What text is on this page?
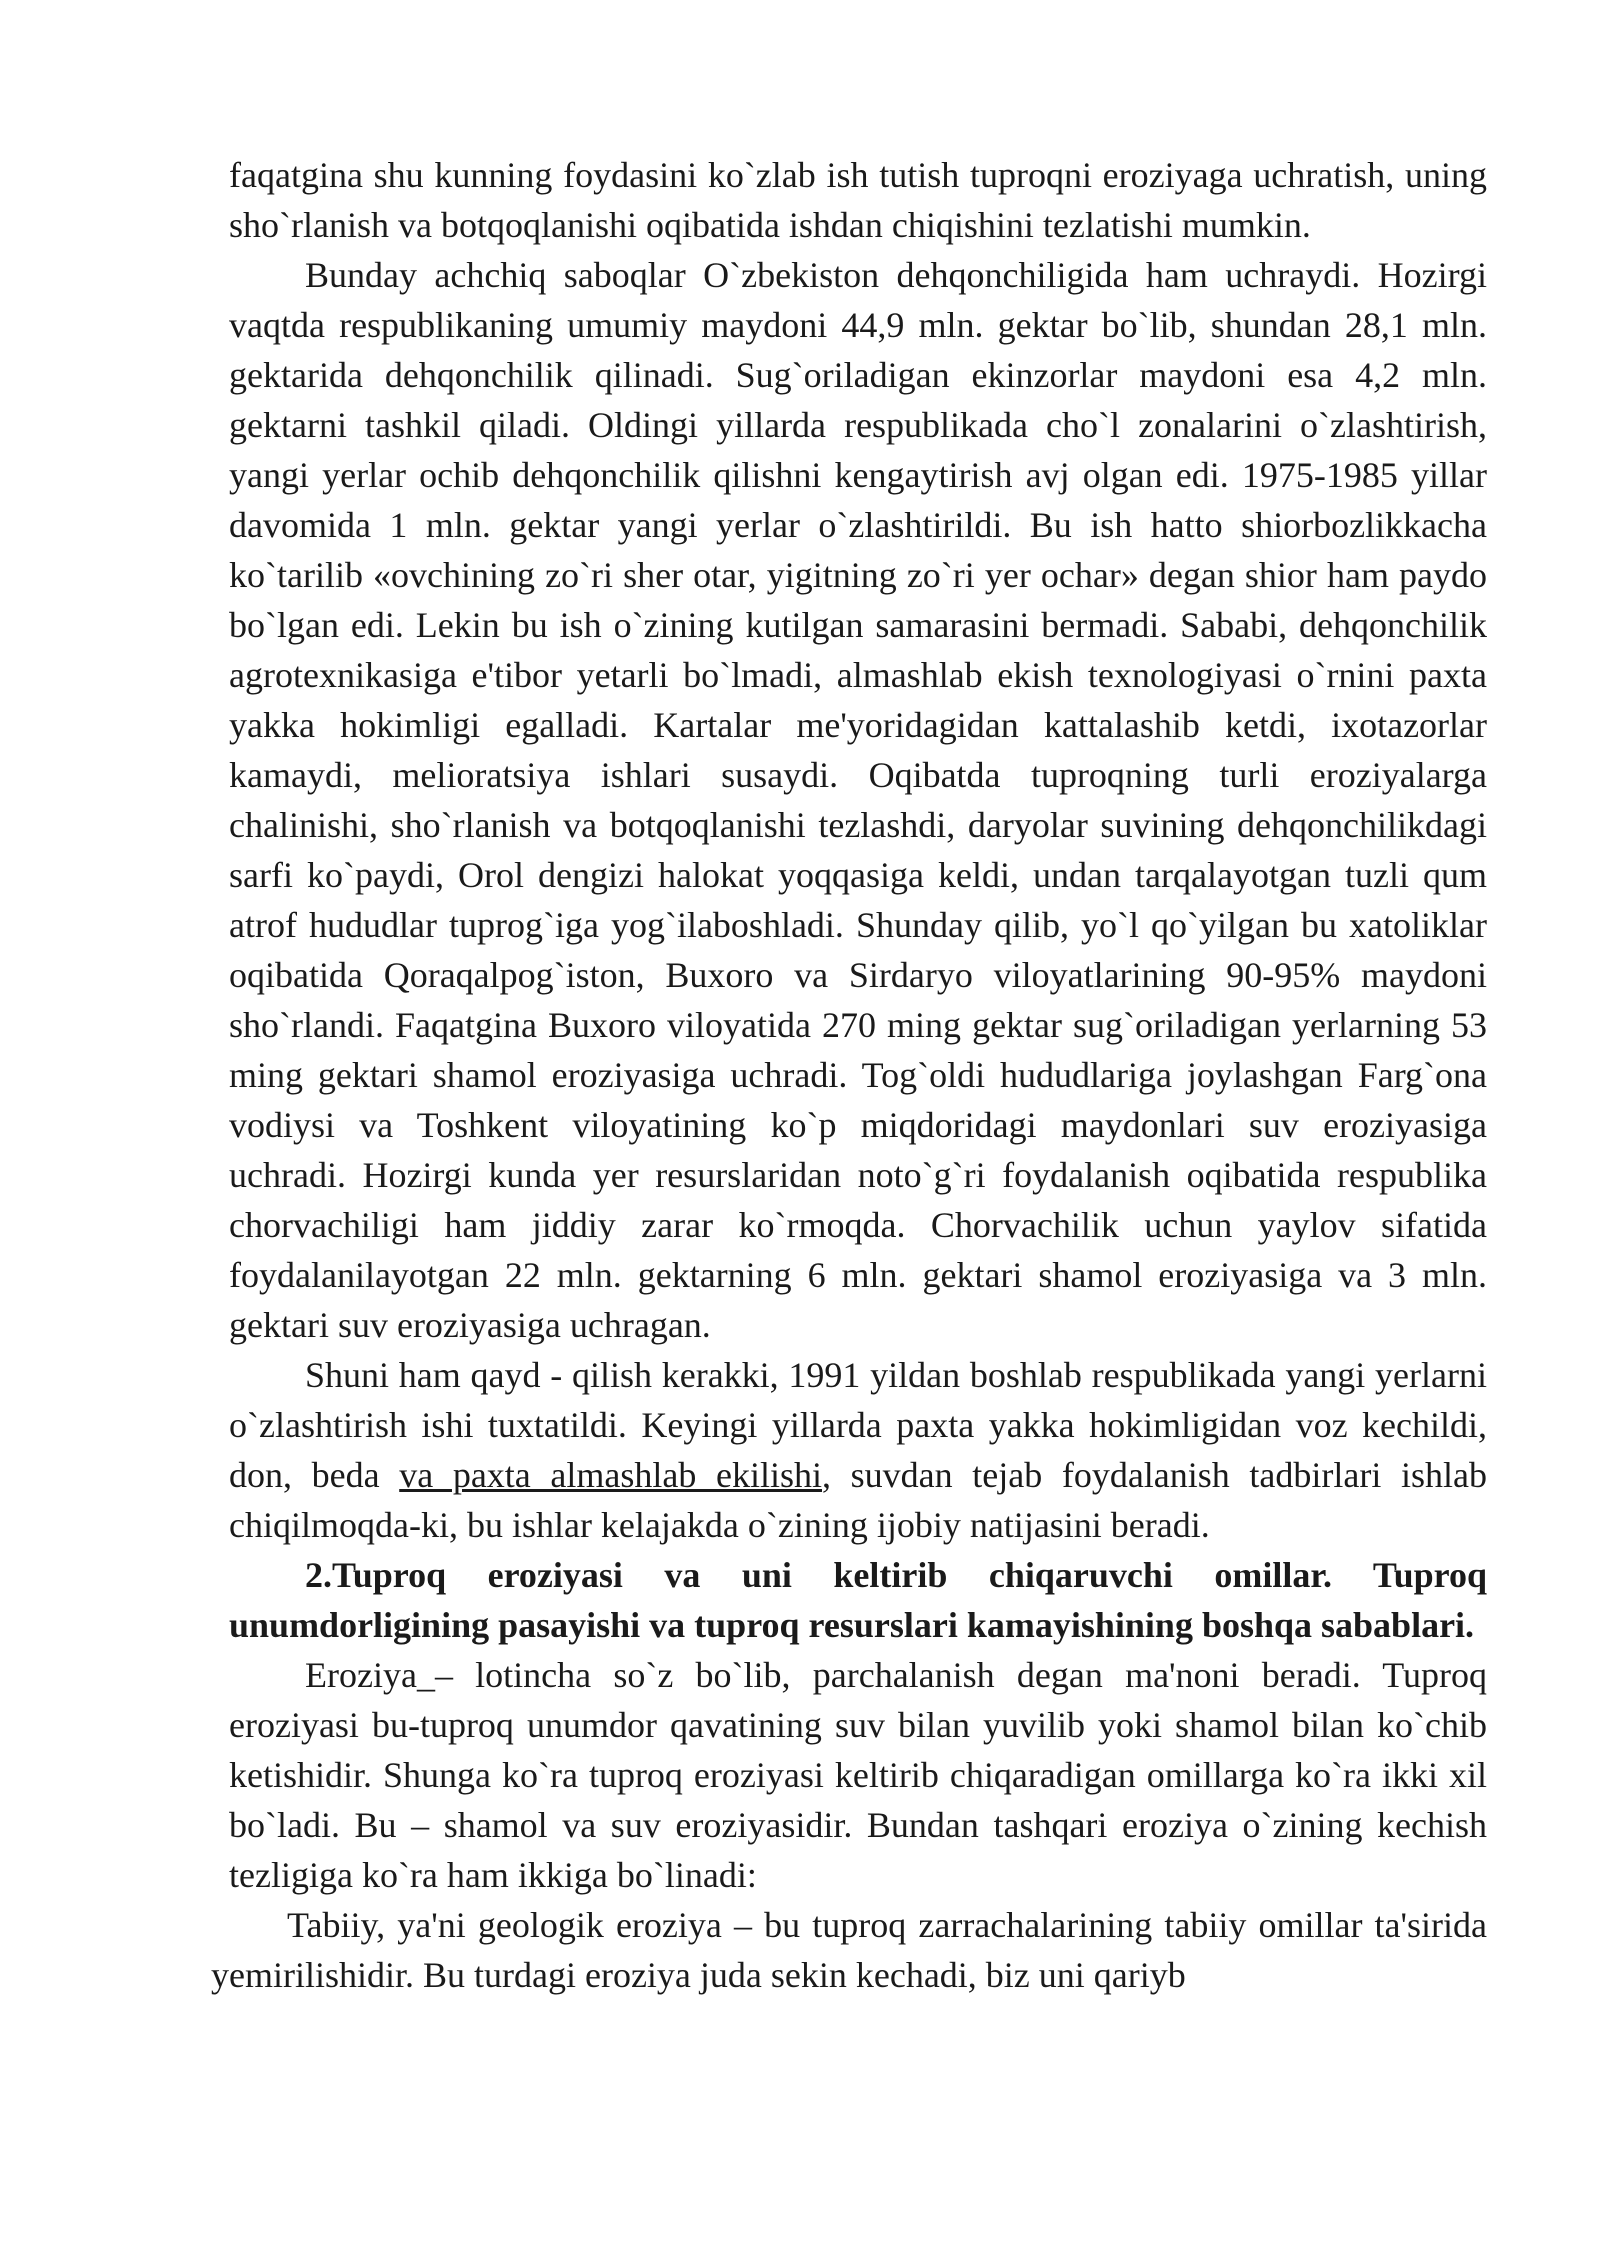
faqatgina shu kunning foydasini ko`zlab ish tutish tuproqni eroziyaga uchratish, uning sho`rlanish va botqoqlanishi oqibatida ishdan chiqishini tezlatishi mumkin.

Bunday achchiq saboqlar O`zbekiston dehqonchiligida ham uchraydi. Hozirgi vaqtda respublikaning umumiy maydoni 44,9 mln. gektar bo`lib, shundan 28,1 mln. gektarida dehqonchilik qilinadi. Sug`oriladigan ekinzorlar maydoni esa 4,2 mln. gektarni tashkil qiladi. Oldingi yillarda respublikada cho`l zonalarini o`zlashtirish, yangi yerlar ochib dehqonchilik qilishni kengaytirish avj olgan edi. 1975-1985 yillar davomida 1 mln. gektar yangi yerlar o`zlashtirildi. Bu ish hatto shiorbozlikkacha ko`tarilib «ovchining zo`ri sher otar, yigitning zo`ri yer ochar» degan shior ham paydo bo`lgan edi. Lekin bu ish o`zining kutilgan samarasini bermadi. Sababi, dehqonchilik agrotexnikasiga e'tibor yetarli bo`lmadi, almashlab ekish texnologiyasi o`rnini paxta yakka hokimligi egalladi. Kartalar me'yoridagidan kattalashib ketdi, ixotazorlar kamaydi, melioratsiya ishlari susaydi. Oqibatda tuproqning turli eroziyalarga chalinishi, sho`rlanish va botqoqlanishi tezlashdi, daryolar suvining dehqonchilikdagi sarfi ko`paydi, Orol dengizi halokat yoqqasiga keldi, undan tarqalayotgan tuzli qum atrof hududlar tuprog`iga yog`ilaboshladi. Shunday qilib, yo`l qo`yilgan bu xatoliklar oqibatida Qoraqalpog`iston, Buxoro va Sirdaryo viloyatlarining 90-95% maydoni sho`rlandi. Faqatgina Buxoro viloyatida 270 ming gektar sug`oriladigan yerlarning 53 ming gektari shamol eroziyasiga uchradi. Tog`oldi hududlariga joylashgan Farg`ona vodiysi va Toshkent viloyatining ko`p miqdoridagi maydonlari suv eroziyasiga uchradi. Hozirgi kunda yer resurslaridan noto`g`ri foydalanish oqibatida respublika chorvachiligi ham jiddiy zarar ko`rmoqda. Chorvachilik uchun yaylov sifatida foydalanilayotgan 22 mln. gektarning 6 mln. gektari shamol eroziyasiga va 3 mln. gektari suv eroziyasiga uchragan.

Shuni ham qayd - qilish kerakki, 1991 yildan boshlab respublikada yangi yerlarni o`zlashtirish ishi tuxtatildi. Keyingi yillarda paxta yakka hokimligidan voz kechildi, don, beda va paxta almashlab ekilishi, suvdan tejab foydalanish tadbirlari ishlab chiqilmoqda-ki, bu ishlar kelajakda o`zining ijobiy natijasini beradi.

2.Tuproq eroziyasi va uni keltirib chiqaruvchi omillar. Tuproq unumdorligining pasayishi va tuproq resurslari kamayishining boshqa sabablari.

Eroziya_– lotincha so`z bo`lib, parchalanish degan ma'noni beradi. Tuproq eroziyasi bu-tuproq unumdor qavatining suv bilan yuvilib yoki shamol bilan ko`chib ketishidir. Shunga ko`ra tuproq eroziyasi keltirib chiqaradigan omillarga ko`ra ikki xil bo`ladi. Bu – shamol va suv eroziyasidir. Bundan tashqari eroziya o`zining kechish tezligiga ko`ra ham ikkiga bo`linadi:

Tabiiy, ya'ni geologik eroziya – bu tuproq zarrachalarining tabiiy omillar ta'sirida yemirilishidir. Bu turdagi eroziya juda sekin kechadi, biz uni qariyb
